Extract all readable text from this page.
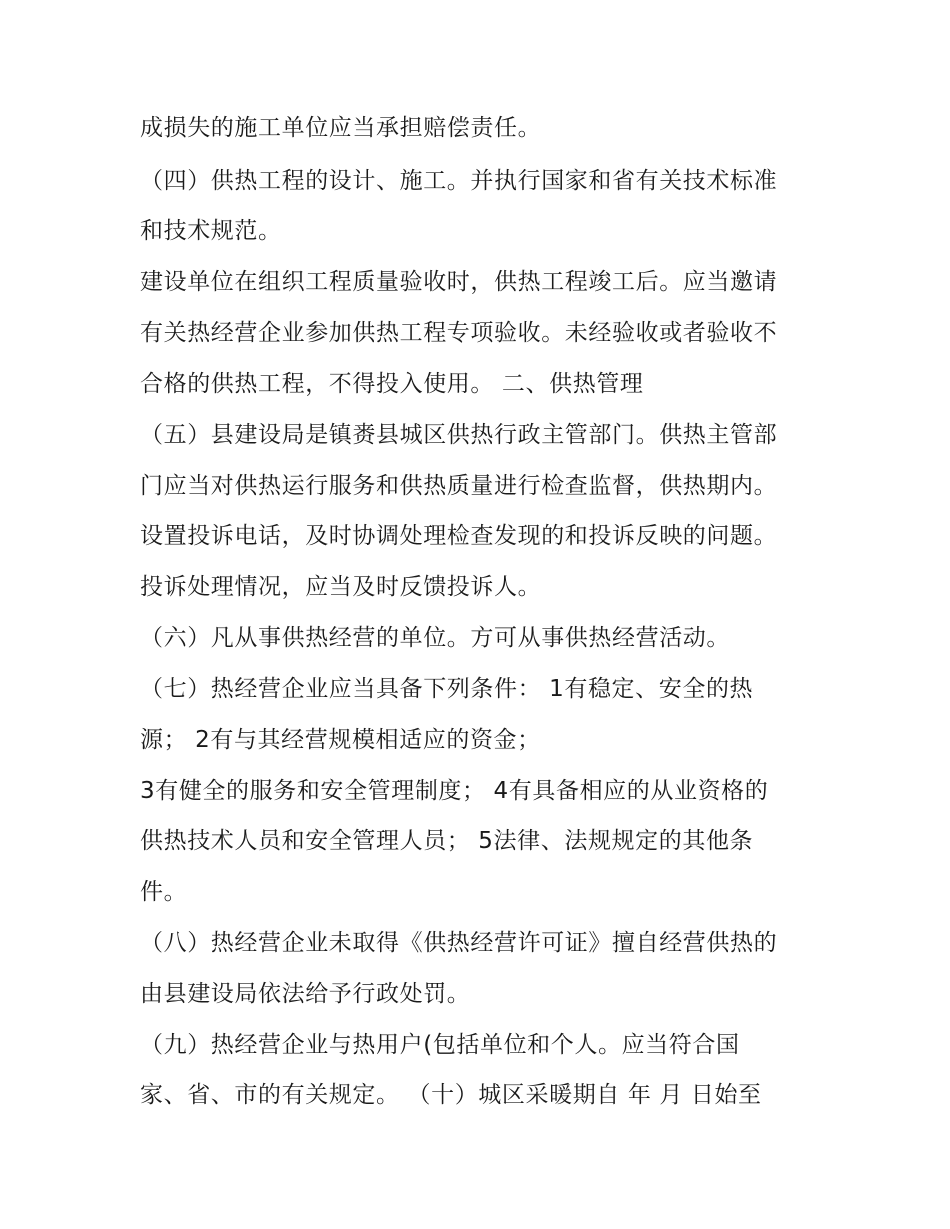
成损失的施工单位应当承担赔偿责任。
（四）供热工程的设计、施工。并执行国家和省有关技术标准
和技术规范。
建设单位在组织工程质量验收时，供热工程竣工后。应当邀请
有关热经营企业参加供热工程专项验收。未经验收或者验收不
合格的供热工程，不得投入使用。 二、供热管理
（五）县建设局是镇赉县城区供热行政主管部门。供热主管部
门应当对供热运行服务和供热质量进行检查监督，供热期内。
设置投诉电话，及时协调处理检查发现的和投诉反映的问题。
投诉处理情况，应当及时反馈投诉人。
（六）凡从事供热经营的单位。方可从事供热经营活动。
（七）热经营企业应当具备下列条件： 1有稳定、安全的热
源； 2有与其经营规模相适应的资金；
3有健全的服务和安全管理制度； 4有具备相应的从业资格的
供热技术人员和安全管理人员； 5法律、法规规定的其他条
件。
（八）热经营企业未取得《供热经营许可证》擅自经营供热的
由县建设局依法给予行政处罚。
（九）热经营企业与热用户(包括单位和个人。应当符合国
家、省、市的有关规定。 （十）城区采暖期自 年 月 日始至
